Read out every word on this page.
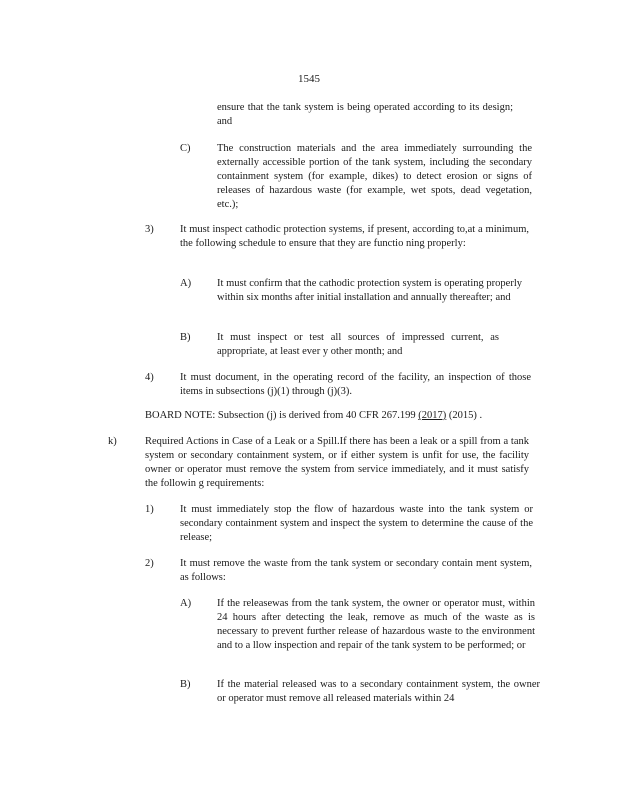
1545
ensure that the tank system is being operated according to its design; and
C)	The construction materials and the area immediately surrounding the externally accessible portion of the tank system, including the secondary containment system (for example, dikes) to detect erosion or signs of releases of hazardous waste (for example, wet spots, dead vegetation, etc.);
3)	It must inspect cathodic protection systems, if present, according to,at a minimum, the following schedule to ensure that they are functio ning properly:
A) It must confirm that the cathodic protection system is operating properly within six months after initial installation and annually thereafter; and
B)	It must inspect or test all sources of impressed current, as appropriate, at least ever y other month; and
4)	It must document, in the operating record of the facility, an inspection of those items in subsections (j)(1) through (j)(3).
BOARD NOTE: Subsection (j) is derived from 40 CFR 267.199 (2017) (2015) .
k)	Required Actions in Case of a Leak or a Spill.If there has been a leak or a spill from a tank system or secondary containment system, or if either system is unfit for use, the facility owner or operator must remove the system from service immediately, and it must satisfy the followin g requirements:
1)	It must immediately stop the flow of hazardous waste into the tank system or secondary containment system and inspect the system to determine the cause of the release;
2)	It must remove the waste from the tank system or secondary contain ment system, as follows:
A) If the releasewas from the tank system, the owner or operator must, within 24 hours after detecting the leak, remove as much of the waste as is necessary to prevent further release of hazardous waste to the environment and to a llow inspection and repair of the tank system to be performed; or
B)	If the material released was to a secondary containment system, the owner or operator must remove all released materials within 24
